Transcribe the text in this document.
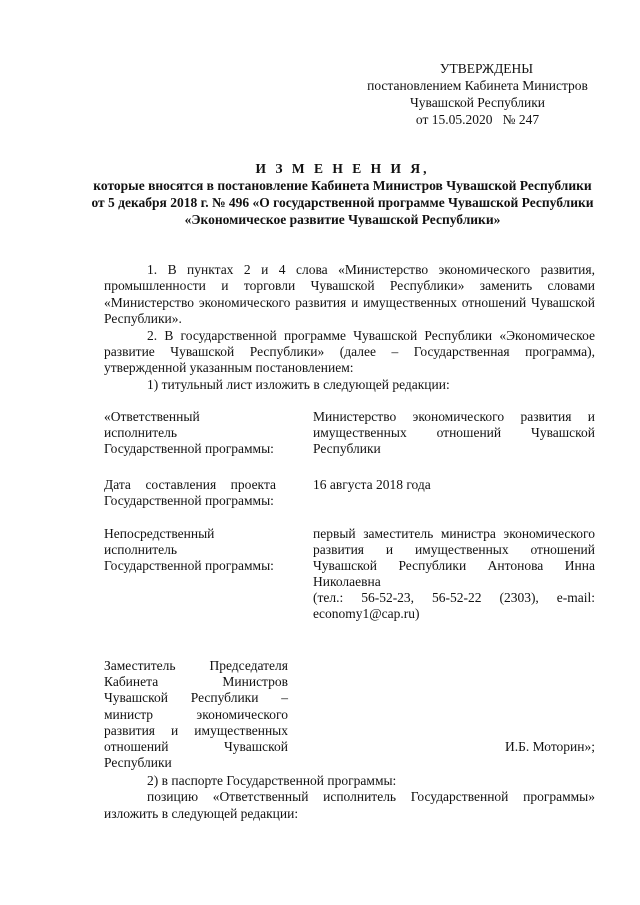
УТВЕРЖДЕНЫ
постановлением Кабинета Министров
Чувашской Республики
от 15.05.2020   № 247
И З М Е Н Е Н И Я,
которые вносятся в постановление Кабинета Министров Чувашской Республики от 5 декабря 2018 г. № 496 «О государственной программе Чувашской Республики «Экономическое развитие Чувашской Республики»

1. В пунктах 2 и 4 слова «Министерство экономического развития, промышленности и торговли Чувашской Республики» заменить словами «Министерство экономического развития и имущественных отношений Чувашской Республики».

2. В государственной программе Чувашской Республики «Экономическое развитие Чувашской Республики» (далее – Государственная программа), утвержденной указанным постановлением:

1) титульный лист изложить в следующей редакции:

«Ответственный исполнитель Государственной программы:
Министерство экономического развития и имущественных отношений Чувашской Республики
Дата составления проекта Государственной программы:
16 августа 2018 года
Непосредственный исполнитель Государственной программы:
первый заместитель министра экономического развития и имущественных отношений Чувашской Республики Антонова Инна Николаевна
(тел.: 56-52-23, 56-52-22 (2303), e-mail: economy1@cap.ru)
Заместитель Председателя Кабинета Министров Чувашской Республики – министр экономического развития и имущественных отношений Чувашской Республики
И.Б. Моторин»;

2) в паспорте Государственной программы:

позицию «Ответственный исполнитель Государственной программы» изложить в следующей редакции:
